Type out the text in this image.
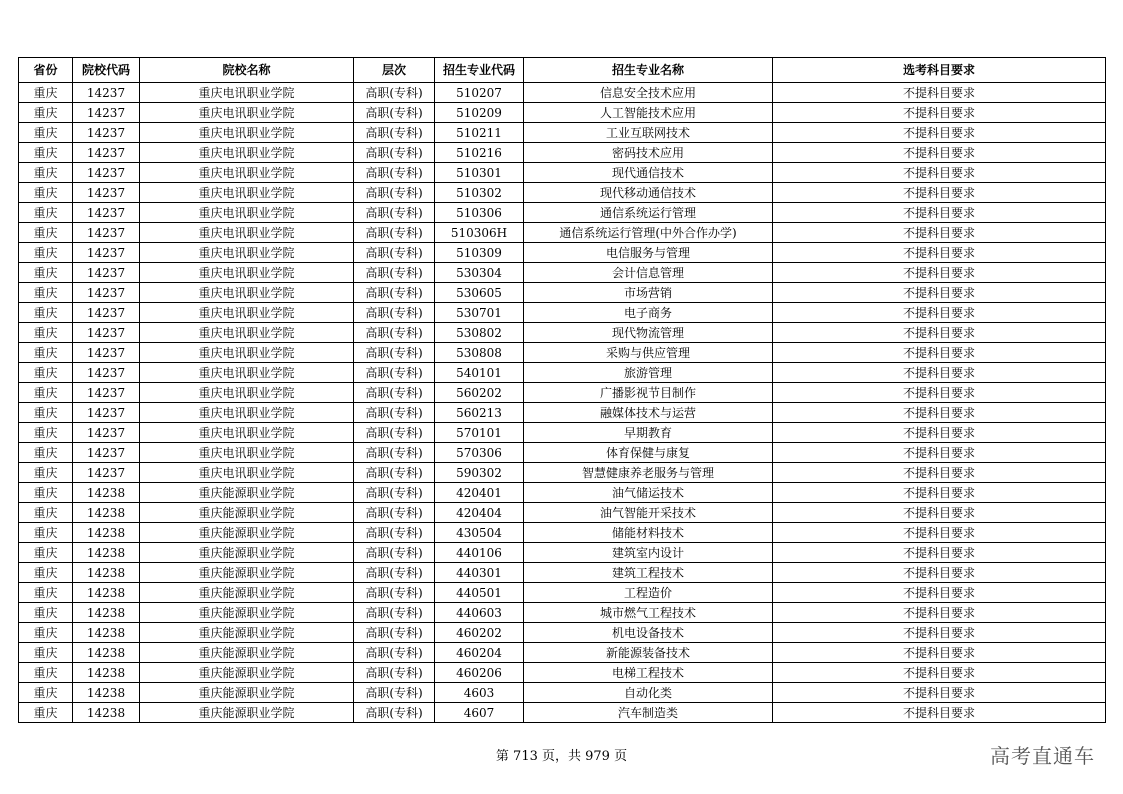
省份	院校代码	院校名称	层次	招生专业代码	招生专业名称	选考科目要求
重庆	14237	重庆电讯职业学院	高职(专科)	510207	信息安全技术应用	不提科目要求
重庆	14237	重庆电讯职业学院	高职(专科)	510209	人工智能技术应用	不提科目要求
重庆	14237	重庆电讯职业学院	高职(专科)	510211	工业互联网技术	不提科目要求
重庆	14237	重庆电讯职业学院	高职(专科)	510216	密码技术应用	不提科目要求
重庆	14237	重庆电讯职业学院	高职(专科)	510301	现代通信技术	不提科目要求
重庆	14237	重庆电讯职业学院	高职(专科)	510302	现代移动通信技术	不提科目要求
重庆	14237	重庆电讯职业学院	高职(专科)	510306	通信系统运行管理	不提科目要求
重庆	14237	重庆电讯职业学院	高职(专科)	510306H	通信系统运行管理(中外合作办学)	不提科目要求
重庆	14237	重庆电讯职业学院	高职(专科)	510309	电信服务与管理	不提科目要求
重庆	14237	重庆电讯职业学院	高职(专科)	530304	会计信息管理	不提科目要求
重庆	14237	重庆电讯职业学院	高职(专科)	530605	市场营销	不提科目要求
重庆	14237	重庆电讯职业学院	高职(专科)	530701	电子商务	不提科目要求
重庆	14237	重庆电讯职业学院	高职(专科)	530802	现代物流管理	不提科目要求
重庆	14237	重庆电讯职业学院	高职(专科)	530808	采购与供应管理	不提科目要求
重庆	14237	重庆电讯职业学院	高职(专科)	540101	旅游管理	不提科目要求
重庆	14237	重庆电讯职业学院	高职(专科)	560202	广播影视节目制作	不提科目要求
重庆	14237	重庆电讯职业学院	高职(专科)	560213	融媒体技术与运营	不提科目要求
重庆	14237	重庆电讯职业学院	高职(专科)	570101	早期教育	不提科目要求
重庆	14237	重庆电讯职业学院	高职(专科)	570306	体育保健与康复	不提科目要求
重庆	14237	重庆电讯职业学院	高职(专科)	590302	智慧健康养老服务与管理	不提科目要求
重庆	14238	重庆能源职业学院	高职(专科)	420401	油气储运技术	不提科目要求
重庆	14238	重庆能源职业学院	高职(专科)	420404	油气智能开采技术	不提科目要求
重庆	14238	重庆能源职业学院	高职(专科)	430504	储能材料技术	不提科目要求
重庆	14238	重庆能源职业学院	高职(专科)	440106	建筑室内设计	不提科目要求
重庆	14238	重庆能源职业学院	高职(专科)	440301	建筑工程技术	不提科目要求
重庆	14238	重庆能源职业学院	高职(专科)	440501	工程造价	不提科目要求
重庆	14238	重庆能源职业学院	高职(专科)	440603	城市燃气工程技术	不提科目要求
重庆	14238	重庆能源职业学院	高职(专科)	460202	机电设备技术	不提科目要求
重庆	14238	重庆能源职业学院	高职(专科)	460204	新能源装备技术	不提科目要求
重庆	14238	重庆能源职业学院	高职(专科)	460206	电梯工程技术	不提科目要求
重庆	14238	重庆能源职业学院	高职(专科)	4603	自动化类	不提科目要求
重庆	14238	重庆能源职业学院	高职(专科)	4607	汽车制造类	不提科目要求
第 713 页，共 979 页	高考直通车
